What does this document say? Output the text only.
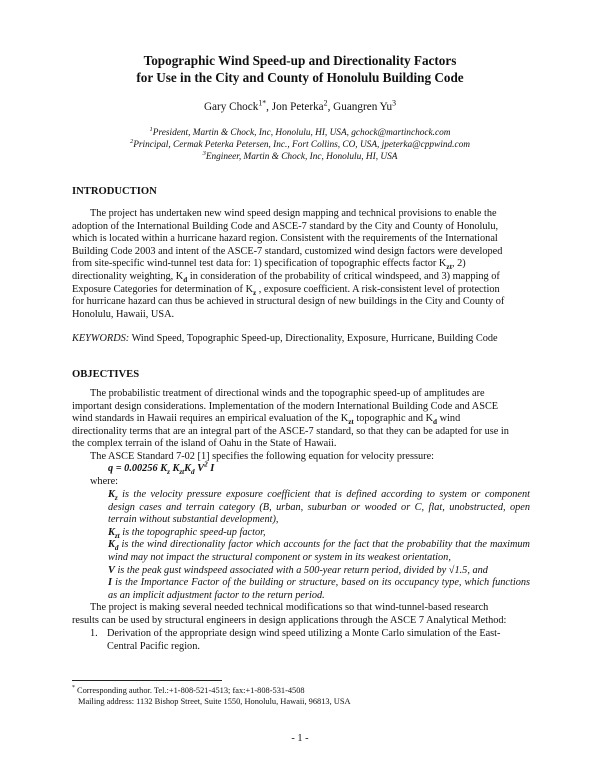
Topographic Wind Speed-up and Directionality Factors
for Use in the City and County of Honolulu Building Code
Gary Chock$^{1*}$, Jon Peterka$^2$, Guangren Yu$^3$
$^1$President, Martin & Chock, Inc, Honolulu, HI, USA, gchock@martinchock.com
$^2$Principal, Cermak Peterka Petersen, Inc., Fort Collins, CO, USA, jpeterka@cppwind.com
$^3$Engineer, Martin & Chock, Inc, Honolulu, HI, USA
INTRODUCTION
The project has undertaken new wind speed design mapping and technical provisions to enable the
adoption of the International Building Code and ASCE-7 standard by the City and County of Honolulu,
which is located within a hurricane hazard region. Consistent with the requirements of the International
Building Code 2003 and intent of the ASCE-7 standard, customized wind design factors were developed
from site-specific wind-tunnel test data for: 1) specification of topographic effects factor $K_{zt}$, 2)
directionality weighting, $K_d$ in consideration of the probability of critical windspeed, and 3) mapping of
Exposure Categories for determination of $K_z$ , exposure coefficient. A risk-consistent level of protection
for hurricane hazard can thus be achieved in structural design of new buildings in the City and County of
Honolulu, Hawaii, USA.
KEYWORDS: Wind Speed, Topographic Speed-up, Directionality, Exposure, Hurricane, Building Code
OBJECTIVES
The probabilistic treatment of directional winds and the topographic speed-up of amplitudes are
important design considerations. Implementation of the modern International Building Code and ASCE
wind standards in Hawaii requires an empirical evaluation of the $K_{zt}$ topographic and $K_d$ wind
directionality terms that are an integral part of the ASCE-7 standard, so that they can be adapted for use in
the complex terrain of the island of Oahu in the State of Hawaii.
The ASCE Standard 7-02 [1] specifies the following equation for velocity pressure:
q = 0.00256 $K_z$ $K_{zt}K_d$ $V^2$ I
where:

$K_z$ is the velocity pressure exposure coefficient that is defined according to system or component design cases and terrain category (B, urban, suburban or wooded or C, flat, unobstructed, open terrain without substantial development),

$K_{zt}$ is the topographic speed-up factor,

$K_d$ is the wind directionality factor which accounts for the fact that the probability that the maximum wind may not impact the structural component or system in its weakest orientation,

V is the peak gust windspeed associated with a 500-year return period, divided by √1.5, and

I is the Importance Factor of the building or structure, based on its occupancy type, which functions as an implicit adjustment factor to the return period.

The project is making several needed technical modifications so that wind-tunnel-based research
results can be used by structural engineers in design applications through the ASCE 7 Analytical Method:
1. Derivation of the appropriate design wind speed utilizing a Monte Carlo simulation of the East-
Central Pacific region.
* Corresponding author. Tel.:+1-808-521-4513; fax:+1-808-531-4508
Mailing address: 1132 Bishop Street, Suite 1550, Honolulu, Hawaii, 96813, USA
- 1 -
